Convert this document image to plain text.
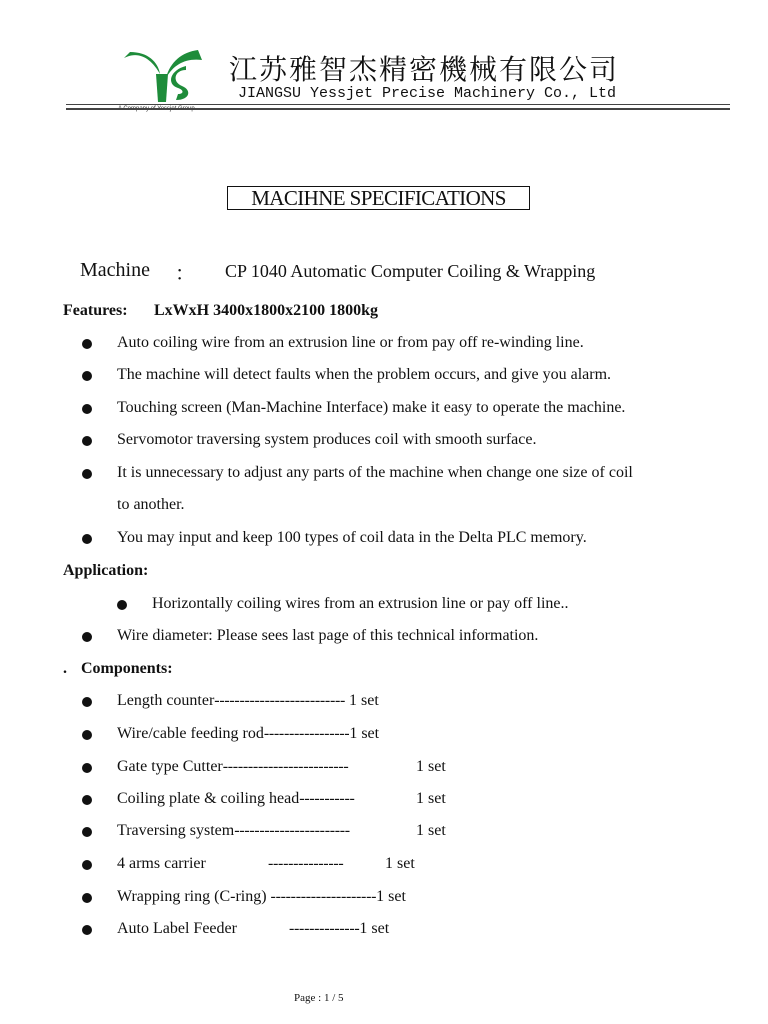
A Company of Yessjet Group
江苏雅智杰精密機械有限公司
JIANGSU Yessjet Precise Machinery Co., Ltd
MACIHNE SPECIFICATIONS
Machine ： CP 1040 Automatic Computer Coiling & Wrapping
Features: LxWxH 3400x1800x2100 1800kg
Auto coiling wire from an extrusion line or from pay off re-winding line.
The machine will detect faults when the problem occurs, and give you alarm.
Touching screen (Man-Machine Interface) make it easy to operate the machine.
Servomotor traversing system produces coil with smooth surface.
It is unnecessary to adjust any parts of the machine when change one size of coil
to another.
You may input and keep 100 types of coil data in the Delta PLC memory.
Application:
Horizontally coiling wires from an extrusion line or pay off line..
Wire diameter: Please sees last page of this technical information.
. Components:
Length counter-------------------------- 1 set
Wire/cable feeding rod-----------------1 set
Gate type Cutter-------------------------	1 set
Coiling plate & coiling head-----------	1 set
Traversing system-----------------------	1 set
4 arms carrier	---------------	1 set
Wrapping ring (C-ring) ---------------------1 set
Auto Label Feeder	--------------1 set
Page : 1 / 5
